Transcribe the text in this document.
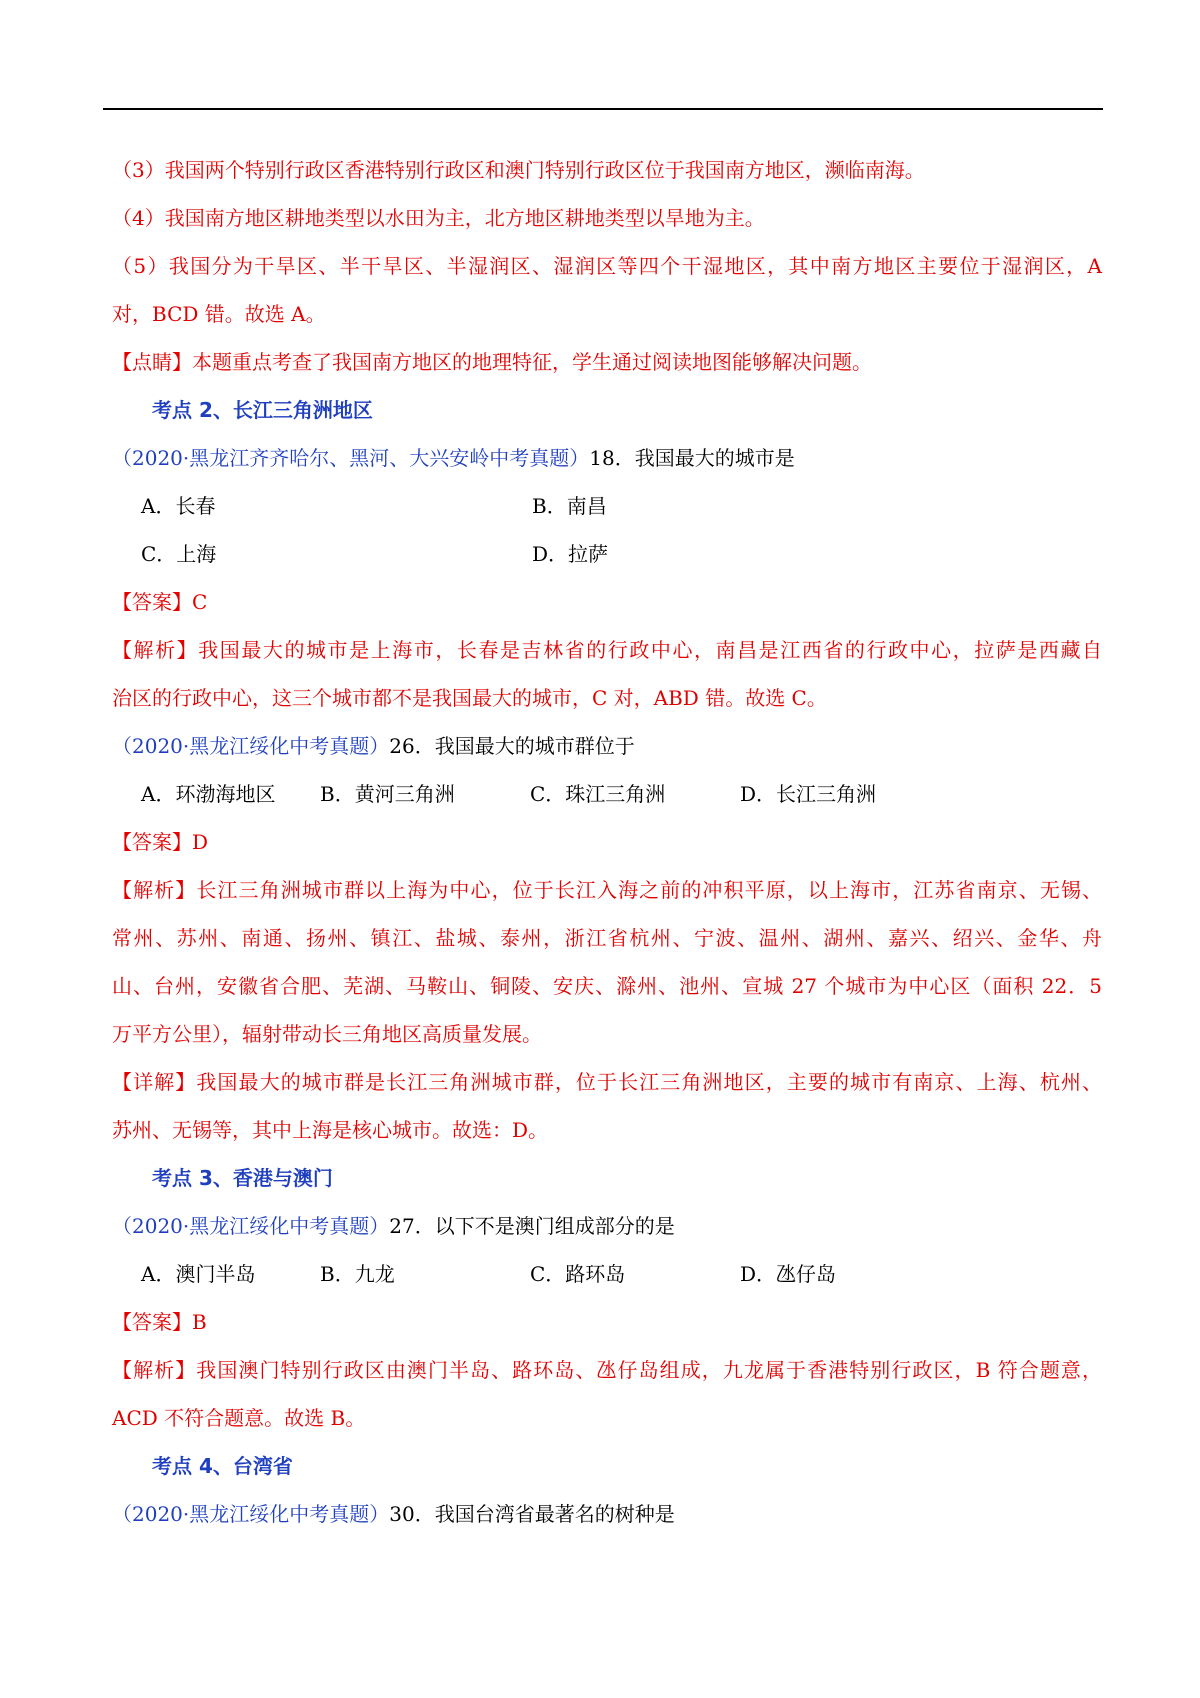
（3）我国两个特别行政区香港特别行政区和澳门特别行政区位于我国南方地区，濒临南海。
（4）我国南方地区耕地类型以水田为主，北方地区耕地类型以旱地为主。
（5）我国分为干旱区、半干旱区、半湿润区、湿润区等四个干湿地区，其中南方地区主要位于湿润区，A
对，BCD 错。故选 A。
【点睛】本题重点考查了我国南方地区的地理特征，学生通过阅读地图能够解决问题。
考点 2、长江三角洲地区
（2020·黑龙江齐齐哈尔、黑河、大兴安岭中考真题）18．我国最大的城市是
A．长春	B．南昌
C．上海	D．拉萨
【答案】C
【解析】我国最大的城市是上海市，长春是吉林省的行政中心，南昌是江西省的行政中心，拉萨是西藏自
治区的行政中心，这三个城市都不是我国最大的城市，C 对，ABD 错。故选 C。
（2020·黑龙江绥化中考真题）26．我国最大的城市群位于
A．环渤海地区 B．黄河三角洲	C．珠江三角洲	D．长江三角洲
【答案】D
【解析】长江三角洲城市群以上海为中心，位于长江入海之前的冲积平原，以上海市，江苏省南京、无锡、
常州、苏州、南通、扬州、镇江、盐城、泰州，浙江省杭州、宁波、温州、湖州、嘉兴、绍兴、金华、舟
山、台州，安徽省合肥、芜湖、马鞍山、铜陵、安庆、滁州、池州、宣城 27 个城市为中心区（面积 22．5
万平方公里），辐射带动长三角地区高质量发展。
【详解】我国最大的城市群是长江三角洲城市群，位于长江三角洲地区，主要的城市有南京、上海、杭州、
苏州、无锡等，其中上海是核心城市。故选：D。
考点 3、香港与澳门
（2020·黑龙江绥化中考真题）27．以下不是澳门组成部分的是
A．澳门半岛	B．九龙	C．路环岛	D．氹仔岛
【答案】B
【解析】我国澳门特别行政区由澳门半岛、路环岛、氹仔岛组成，九龙属于香港特别行政区，B 符合题意，
ACD 不符合题意。故选 B。
考点 4、台湾省
（2020·黑龙江绥化中考真题）30．我国台湾省最著名的树种是
